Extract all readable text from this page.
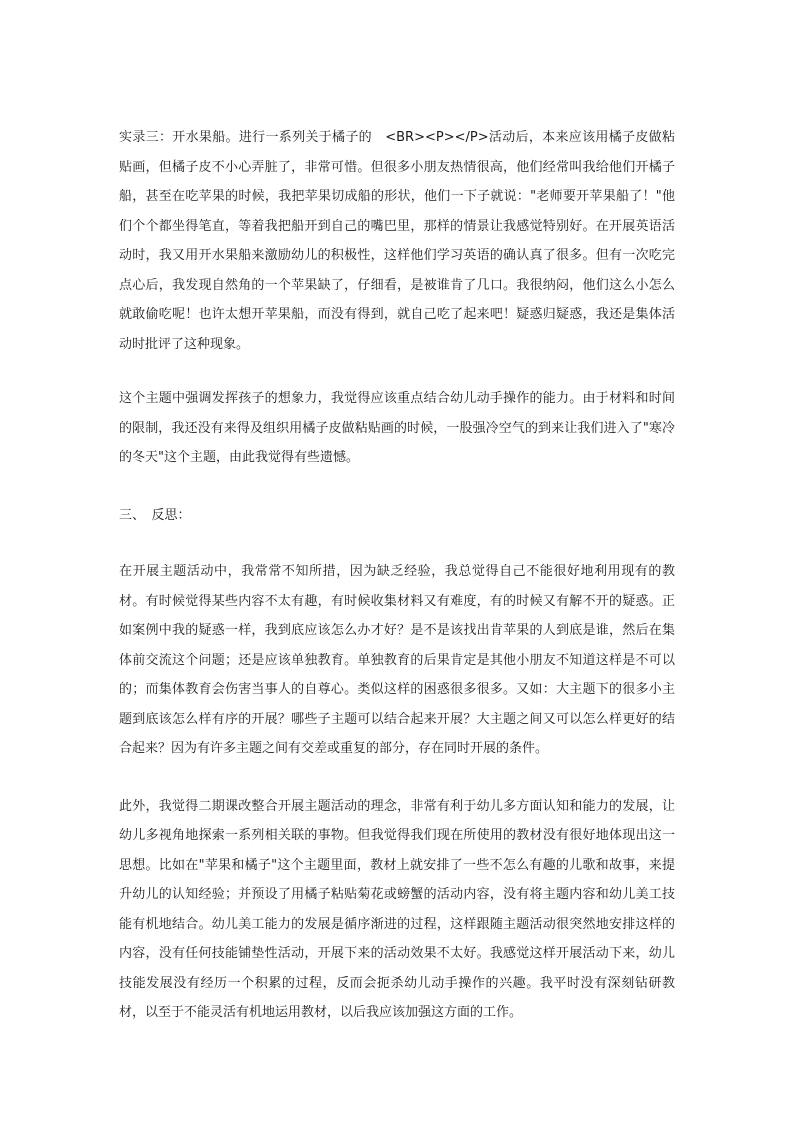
实录三：开水果船。进行一系列关于橘子的　<BR><P></P>活动后，本来应该用橘子皮做粘贴画，但橘子皮不小心弄脏了，非常可惜。但很多小朋友热情很高，他们经常叫我给他们开橘子船，甚至在吃苹果的时候，我把苹果切成船的形状，他们一下子就说："老师要开苹果船了！"他们个个都坐得笔直，等着我把船开到自己的嘴巴里，那样的情景让我感觉特别好。在开展英语活动时，我又用开水果船来激励幼儿的积极性，这样他们学习英语的确认真了很多。但有一次吃完点心后，我发现自然角的一个苹果缺了，仔细看，是被谁肯了几口。我很纳闷，他们这么小怎么就敢偷吃呢！也许太想开苹果船，而没有得到，就自己吃了起来吧！疑惑归疑惑，我还是集体活动时批评了这种现象。

这个主题中强调发挥孩子的想象力，我觉得应该重点结合幼儿动手操作的能力。由于材料和时间的限制，我还没有来得及组织用橘子皮做粘贴画的时候，一股强冷空气的到来让我们进入了"寒冷的冬天"这个主题，由此我觉得有些遗憾。

三、　反思：

在开展主题活动中，我常常不知所措，因为缺乏经验，我总觉得自己不能很好地利用现有的教材。有时候觉得某些内容不太有趣，有时候收集材料又有难度，有的时候又有解不开的疑惑。正如案例中我的疑惑一样，我到底应该怎么办才好？是不是该找出肯苹果的人到底是谁，然后在集体前交流这个问题；还是应该单独教育。单独教育的后果肯定是其他小朋友不知道这样是不可以的；而集体教育会伤害当事人的自尊心。类似这样的困惑很多很多。又如：大主题下的很多小主题到底该怎么样有序的开展？哪些子主题可以结合起来开展？大主题之间又可以怎么样更好的结合起来？因为有许多主题之间有交差或重复的部分，存在同时开展的条件。

此外，我觉得二期课改整合开展主题活动的理念，非常有利于幼儿多方面认知和能力的发展，让幼儿多视角地探索一系列相关联的事物。但我觉得我们现在所使用的教材没有很好地体现出这一思想。比如在"苹果和橘子"这个主题里面，教材上就安排了一些不怎么有趣的儿歌和故事，来提升幼儿的认知经验；并预设了用橘子粘贴菊花或螃蟹的活动内容，没有将主题内容和幼儿美工技能有机地结合。幼儿美工能力的发展是循序渐进的过程，这样跟随主题活动很突然地安排这样的内容，没有任何技能铺垫性活动，开展下来的活动效果不太好。我感觉这样开展活动下来，幼儿技能发展没有经历一个积累的过程，反而会扼杀幼儿动手操作的兴趣。我平时没有深刻钻研教材，以至于不能灵活有机地运用教材，以后我应该加强这方面的工作。
